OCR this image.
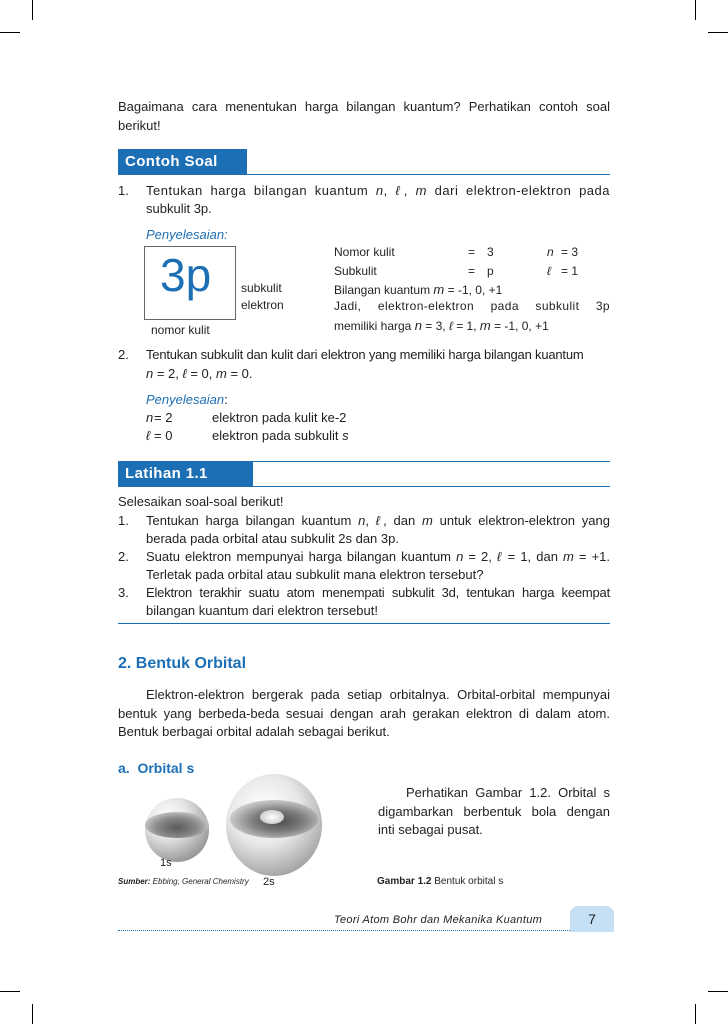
Bagaimana cara menentukan harga bilangan kuantum? Perhatikan contoh soal
berikut!
Contoh Soal
1. Tentukan harga bilangan kuantum n, ℓ, m dari elektron-elektron pada
subkulit 3p.
Penyelesaian:
3p subkulit
elektron
nomor kulit
Nomor kulit	= 3	n = 3
Subkulit	= p	ℓ = 1
Bilangan kuantum m = -1, 0, +1
Jadi, elektron-elektron pada subkulit 3p
memiliki harga n = 3, ℓ = 1, m = -1, 0, +1
2. Tentukan subkulit dan kulit dari elektron yang memiliki harga bilangan kuantum
n = 2, ℓ = 0, m = 0.
Penyelesaian:
n = 2	elektron pada kulit ke-2
ℓ = 0	elektron pada subkulit s
Latihan 1.1
Selesaikan soal-soal berikut!
1. Tentukan harga bilangan kuantum n, ℓ, dan m untuk elektron-elektron yang
berada pada orbital atau subkulit 2s dan 3p.
2. Suatu elektron mempunyai harga bilangan kuantum n = 2, ℓ = 1, dan m = +1.
Terletak pada orbital atau subkulit mana elektron tersebut?
3. Elektron terakhir suatu atom menempati subkulit 3d, tentukan harga keempat
bilangan kuantum dari elektron tersebut!
2. Bentuk Orbital
Elektron-elektron bergerak pada setiap orbitalnya. Orbital-orbital mempunyai
bentuk yang berbeda-beda sesuai dengan arah gerakan elektron di dalam atom.
Bentuk berbagai orbital adalah sebagai berikut.
a.  Orbital s
Perhatikan Gambar 1.2. Orbital s
digambarkan berbentuk bola dengan
inti sebagai pusat.
1s
Sumber: Ebbing, General Chemistry 2s	Gambar 1.2 Bentuk orbital s
Teori Atom Bohr dan Mekanika Kuantum	7
